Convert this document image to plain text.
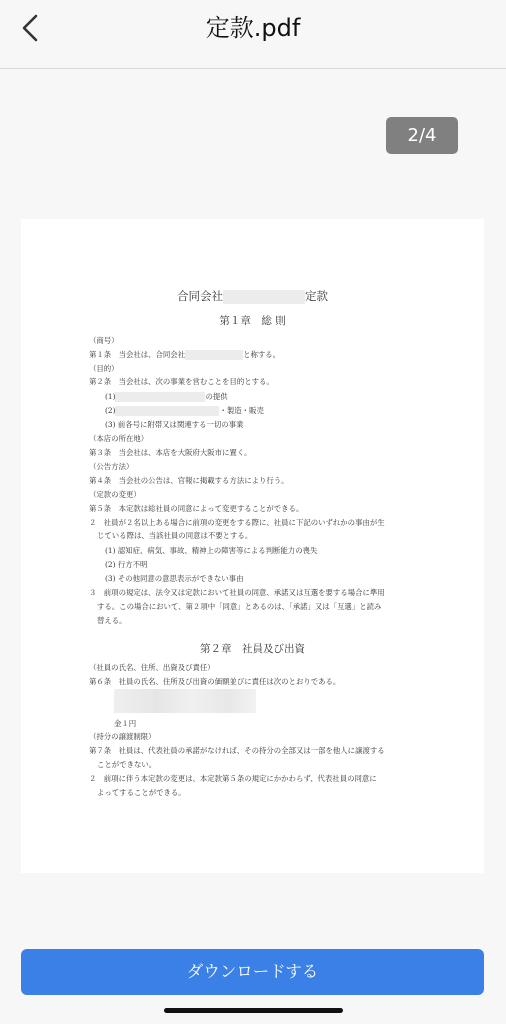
定款.pdf
2/4
合同会社	定款
第１章　総 則
（商号）
第１条　当会社は、合同会社	と称する。
（目的）
第２条　当会社は、次の事業を営むことを目的とする。
(1)	の提供
(2)	・製造・販売
(3) 前各号に附帯又は関連する一切の事業
（本店の所在地）
第３条　当会社は、本店を大阪府大阪市に置く。
（公告方法）
第４条　当会社の公告は、官報に掲載する方法により行う。
（定款の変更）
第５条　本定款は総社員の同意によって変更することができる。
２　社員が２名以上ある場合に前項の変更をする際に、社員に下記のいずれかの事由が生
じている際は、当該社員の同意は不要とする。
(1) 認知症、病気、事故、精神上の障害等による判断能力の喪失
(2) 行方不明
(3) その他同意の意思表示ができない事由
３　前項の規定は、法令又は定款において社員の同意、承諾又は互選を要する場合に準用
する。この場合において、第２項中「同意」とあるのは、「承諾」又は「互選」と読み
替える。
第２章　社員及び出資
（社員の氏名、住所、出資及び責任）
第６条　社員の氏名、住所及び出資の価額並びに責任は次のとおりである。
金１円
（持分の譲渡制限）
第７条　社員は、代表社員の承諾がなければ、その持分の全部又は一部を他人に譲渡する
ことができない。
２　前項に伴う本定款の変更は、本定款第５条の規定にかかわらず、代表社員の同意に
よってすることができる。
ダウンロードする
